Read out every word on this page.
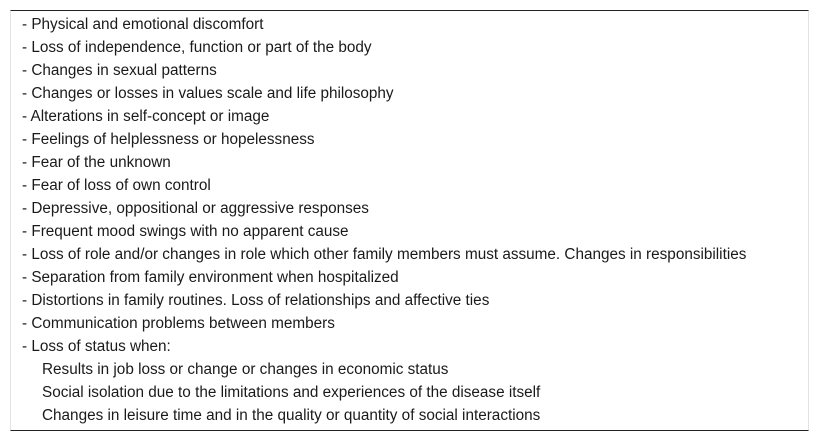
- Physical and emotional discomfort
- Loss of independence, function or part of the body
- Changes in sexual patterns
- Changes or losses in values scale and life philosophy
- Alterations in self-concept or image
- Feelings of helplessness or hopelessness
- Fear of the unknown
- Fear of loss of own control
- Depressive, oppositional or aggressive responses
- Frequent mood swings with no apparent cause
- Loss of role and/or changes in role which other family members must assume. Changes in responsibilities
- Separation from family environment when hospitalized
- Distortions in family routines. Loss of relationships and affective ties
- Communication problems between members
- Loss of status when:
Results in job loss or change or changes in economic status
Social isolation due to the limitations and experiences of the disease itself
Changes in leisure time and in the quality or quantity of social interactions
